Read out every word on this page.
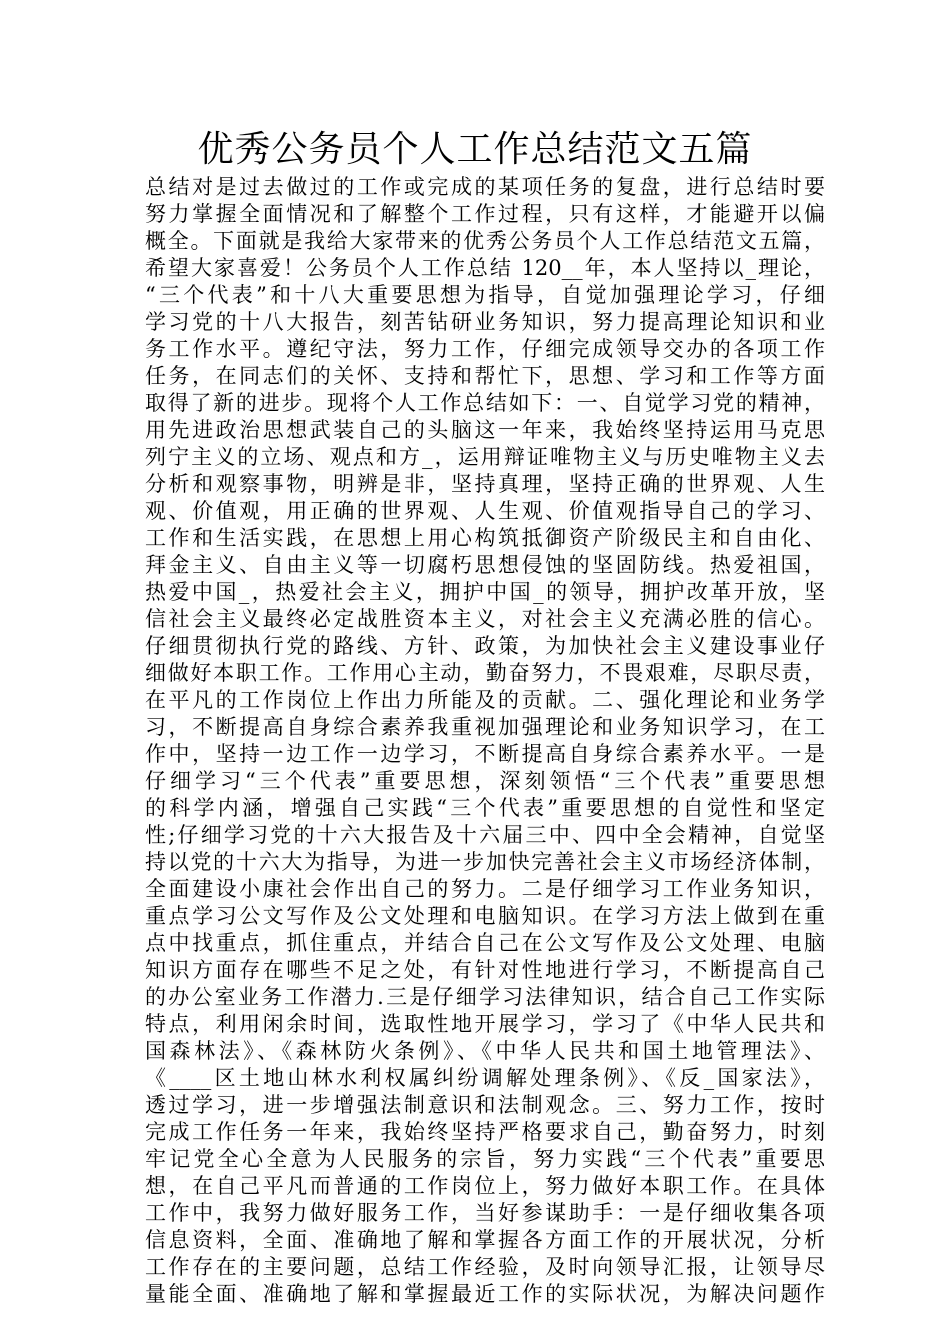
优秀公务员个人工作总结范文五篇
总结对是过去做过的工作或完成的某项任务的复盘，进行总结时要
努力掌握全面情况和了解整个工作过程，只有这样，才能避开以偏
概全。下面就是我给大家带来的优秀公务员个人工作总结范文五篇，
希望大家喜爱！公务员个人工作总结 120__年，本人坚持以_理论，
“三个代表”和十八大重要思想为指导，自觉加强理论学习，仔细
学习党的十八大报告，刻苦钻研业务知识，努力提高理论知识和业
务工作水平。遵纪守法，努力工作，仔细完成领导交办的各项工作
任务，在同志们的关怀、支持和帮忙下，思想、学习和工作等方面
取得了新的进步。现将个人工作总结如下：一、自觉学习党的精神，
用先进政治思想武装自己的头脑这一年来，我始终坚持运用马克思
列宁主义的立场、观点和方_，运用辩证唯物主义与历史唯物主义去
分析和观察事物，明辨是非，坚持真理，坚持正确的世界观、人生
观、价值观，用正确的世界观、人生观、价值观指导自己的学习、
工作和生活实践，在思想上用心构筑抵御资产阶级民主和自由化、
拜金主义、自由主义等一切腐朽思想侵蚀的坚固防线。热爱祖国，
热爱中国_，热爱社会主义，拥护中国_的领导，拥护改革开放，坚
信社会主义最终必定战胜资本主义，对社会主义充满必胜的信心。
仔细贯彻执行党的路线、方针、政策，为加快社会主义建设事业仔
细做好本职工作。工作用心主动，勤奋努力，不畏艰难，尽职尽责，
在平凡的工作岗位上作出力所能及的贡献。二、强化理论和业务学
习，不断提高自身综合素养我重视加强理论和业务知识学习，在工
作中，坚持一边工作一边学习，不断提高自身综合素养水平。一是
仔细学习“三个代表”重要思想，深刻领悟“三个代表”重要思想
的科学内涵，增强自己实践“三个代表”重要思想的自觉性和坚定
性;仔细学习党的十六大报告及十六届三中、四中全会精神，自觉坚
持以党的十六大为指导，为进一步加快完善社会主义市场经济体制，
全面建设小康社会作出自己的努力。二是仔细学习工作业务知识，
重点学习公文写作及公文处理和电脑知识。在学习方法上做到在重
点中找重点，抓住重点，并结合自己在公文写作及公文处理、电脑
知识方面存在哪些不足之处，有针对性地进行学习，不断提高自己
的办公室业务工作潜力.三是仔细学习法律知识，结合自己工作实际
特点，利用闲余时间，选取性地开展学习，学习了《中华人民共和
国森林法》、《森林防火条例》、《中华人民共和国土地管理法》、
《____区土地山林水利权属纠纷调解处理条例》、《反_国家法》，
透过学习，进一步增强法制意识和法制观念。三、努力工作，按时
完成工作任务一年来，我始终坚持严格要求自己，勤奋努力，时刻
牢记党全心全意为人民服务的宗旨，努力实践“三个代表”重要思
想，在自己平凡而普通的工作岗位上，努力做好本职工作。在具体
工作中，我努力做好服务工作，当好参谋助手：一是仔细收集各项
信息资料，全面、准确地了解和掌握各方面工作的开展状况，分析
工作存在的主要问题，总结工作经验，及时向领导汇报，让领导尽
量能全面、准确地了解和掌握最近工作的实际状况，为解决问题作
